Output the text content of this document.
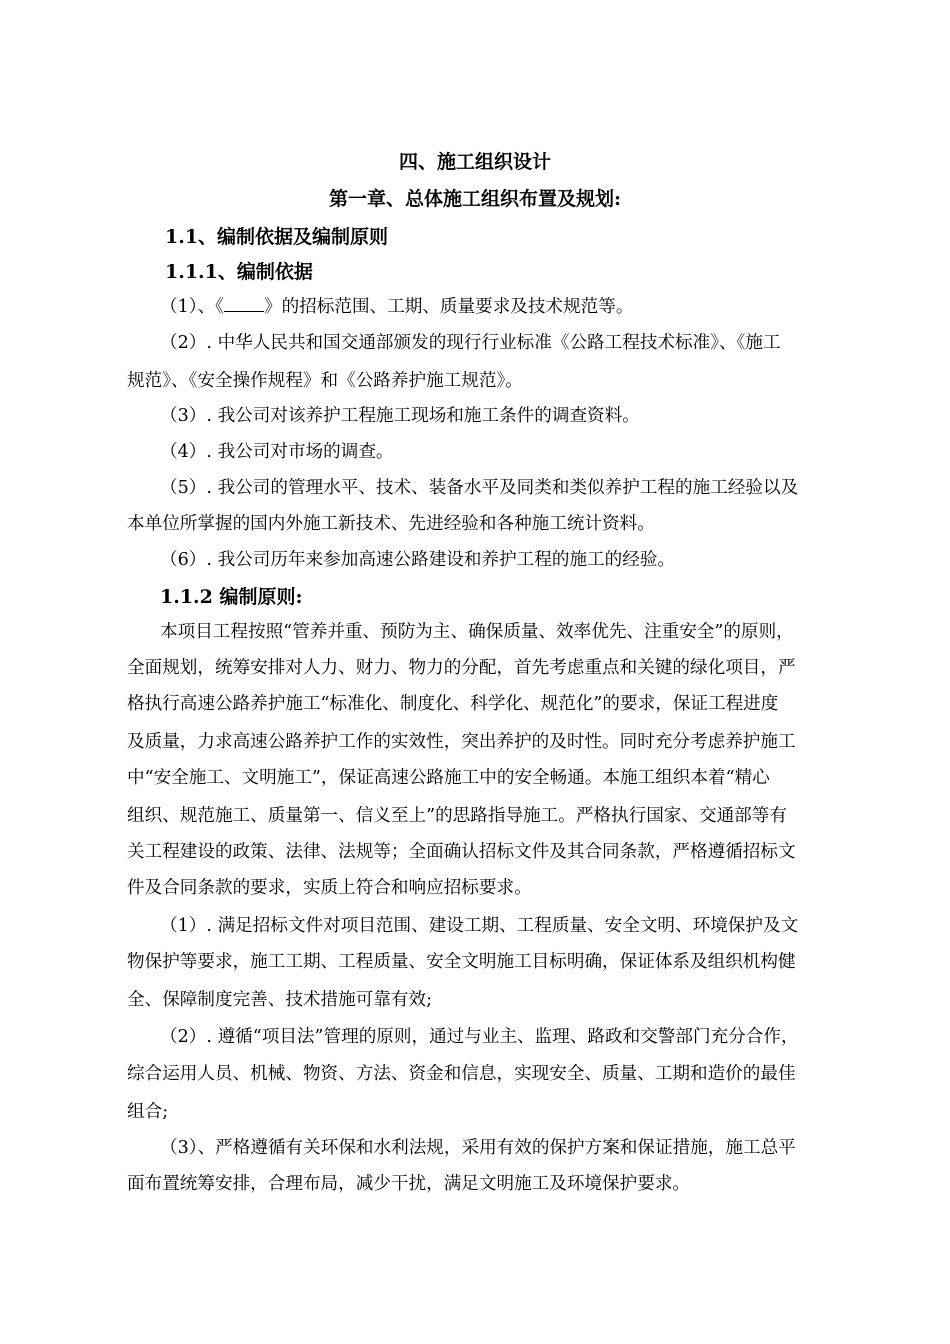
四、施工组织设计
第一章、总体施工组织布置及规划:
1.1、编制依据及编制原则
1.1.1、编制依据
（1）、《 》的招标范围、工期、质量要求及技术规范等。
（2）. 中华人民共和国交通部颁发的现行行业标准《公路工程技术标准》、《施工
规范》、《安全操作规程》和《公路养护施工规范》。
（3）. 我公司对该养护工程施工现场和施工条件的调查资料。
（4）. 我公司对市场的调查。
（5）. 我公司的管理水平、技术、装备水平及同类和类似养护工程的施工经验以及
本单位所掌握的国内外施工新技术、先进经验和各种施工统计资料。
（6）. 我公司历年来参加高速公路建设和养护工程的施工的经验。
1.1.2 编制原则:
本项目工程按照“管养并重、预防为主、确保质量、效率优先、注重安全”的原则，
全面规划，统筹安排对人力、财力、物力的分配，首先考虑重点和关键的绿化项目，严
格执行高速公路养护施工“标准化、制度化、科学化、规范化”的要求，保证工程进度
及质量，力求高速公路养护工作的实效性，突出养护的及时性。同时充分考虑养护施工
中“安全施工、文明施工”，保证高速公路施工中的安全畅通。本施工组织本着“精心
组织、规范施工、质量第一、信义至上”的思路指导施工。严格执行国家、交通部等有
关工程建设的政策、法律、法规等；全面确认招标文件及其合同条款，严格遵循招标文
件及合同条款的要求，实质上符合和响应招标要求。
（1）. 满足招标文件对项目范围、建设工期、工程质量、安全文明、环境保护及文
物保护等要求，施工工期、工程质量、安全文明施工目标明确，保证体系及组织机构健
全、保障制度完善、技术措施可靠有效;
（2）. 遵循“项目法”管理的原则，通过与业主、监理、路政和交警部门充分合作，
综合运用人员、机械、物资、方法、资金和信息，实现安全、质量、工期和造价的最佳
组合;
（3）、严格遵循有关环保和水利法规，采用有效的保护方案和保证措施，施工总平
面布置统筹安排，合理布局，减少干扰，满足文明施工及环境保护要求。
